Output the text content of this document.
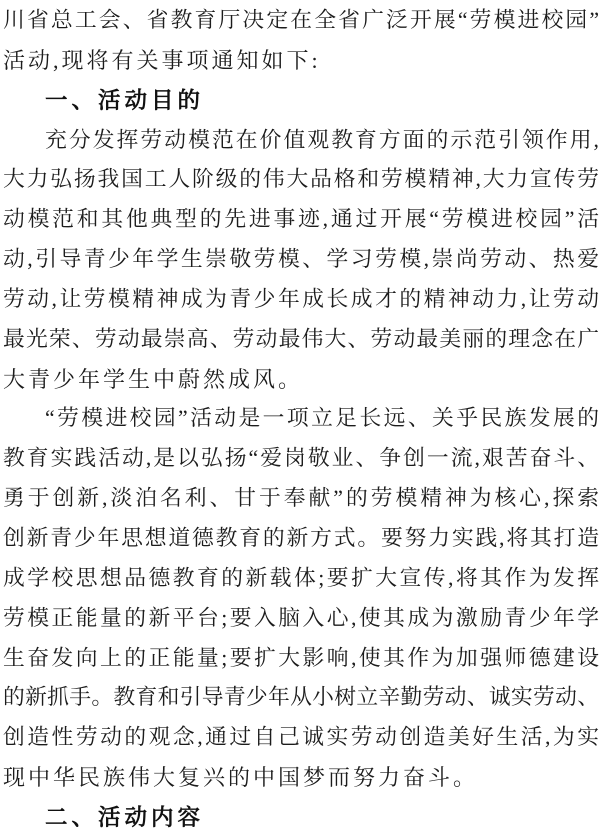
川省总工会、省教育厅决定在全省广泛开展“劳模进校园”
活动,现将有关事项通知如下:
一、活动目的
充分发挥劳动模范在价值观教育方面的示范引领作用,
大力弘扬我国工人阶级的伟大品格和劳模精神,大力宣传劳
动模范和其他典型的先进事迹,通过开展“劳模进校园”活
动,引导青少年学生崇敬劳模、学习劳模,崇尚劳动、热爱
劳动,让劳模精神成为青少年成长成才的精神动力,让劳动
最光荣、劳动最崇高、劳动最伟大、劳动最美丽的理念在广
大青少年学生中蔚然成风。
“劳模进校园”活动是一项立足长远、关乎民族发展的
教育实践活动,是以弘扬“爱岗敬业、争创一流,艰苦奋斗、
勇于创新,淡泊名利、甘于奉献”的劳模精神为核心,探索
创新青少年思想道德教育的新方式。要努力实践,将其打造
成学校思想品德教育的新载体;要扩大宣传,将其作为发挥
劳模正能量的新平台;要入脑入心,使其成为激励青少年学
生奋发向上的正能量;要扩大影响,使其作为加强师德建设
的新抓手。教育和引导青少年从小树立辛勤劳动、诚实劳动、
创造性劳动的观念,通过自己诚实劳动创造美好生活,为实
现中华民族伟大复兴的中国梦而努力奋斗。
二、活动内容
